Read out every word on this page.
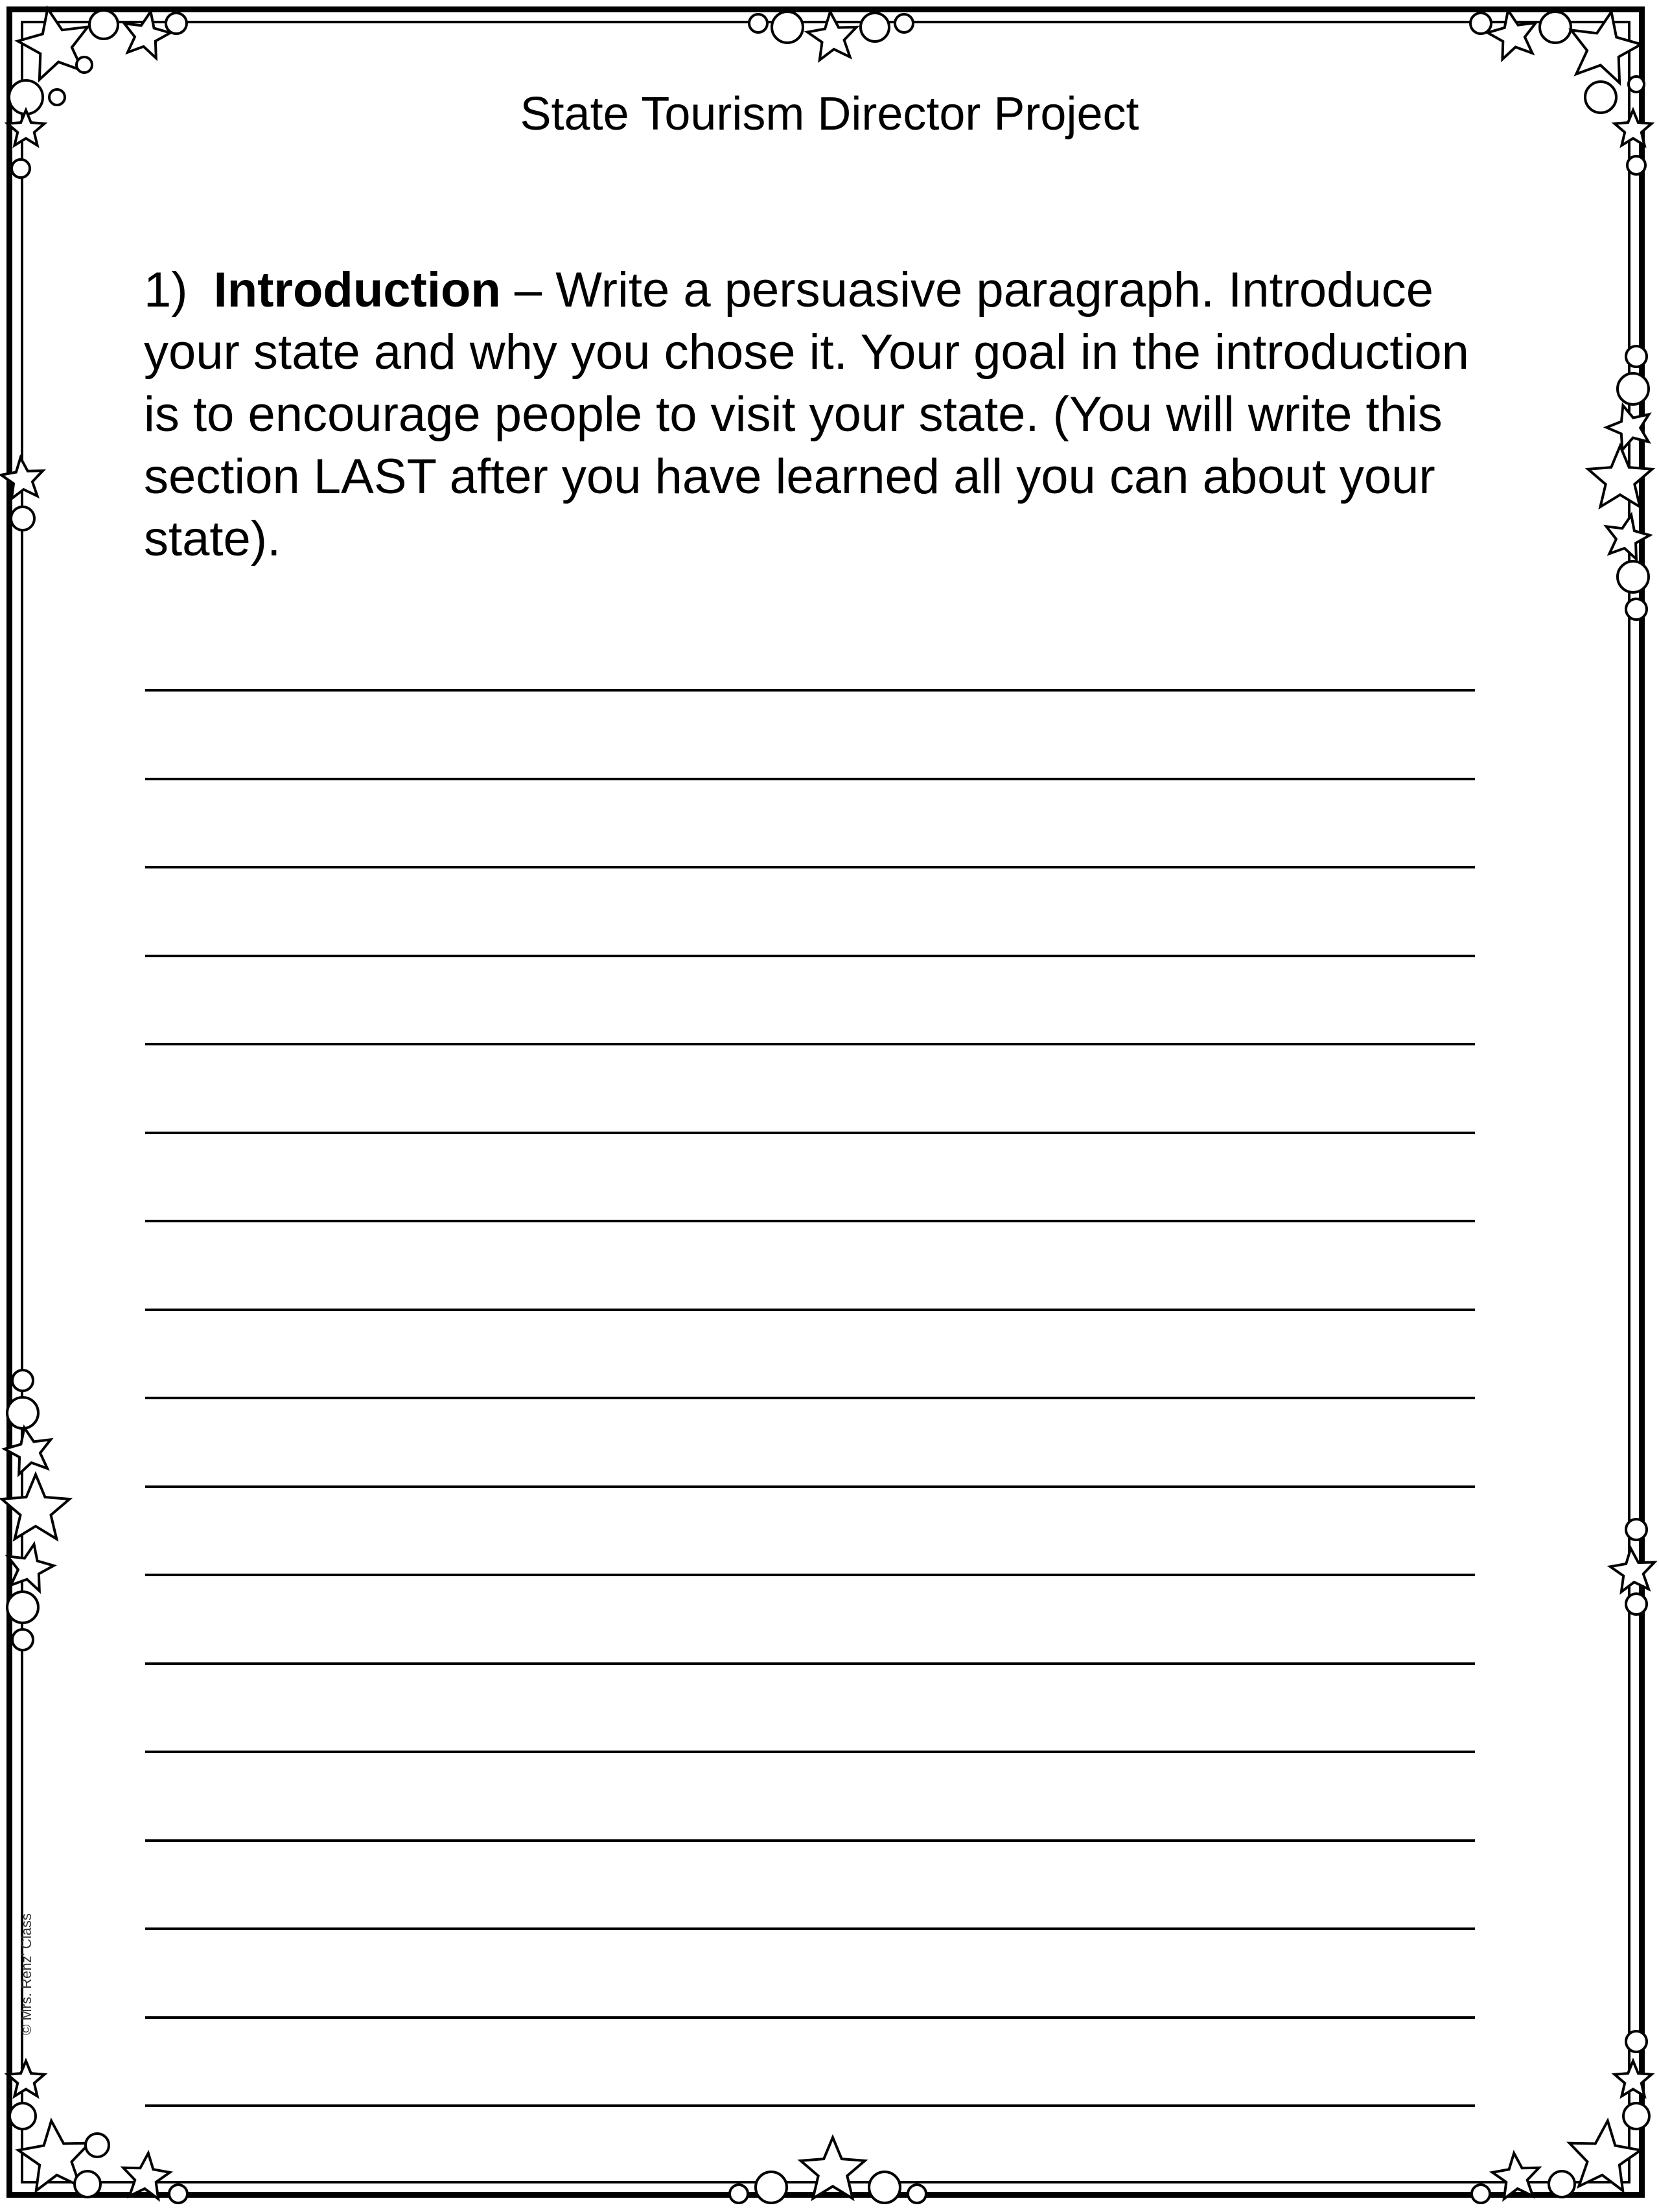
State Tourism Director Project
1) Introduction – Write a persuasive paragraph. Introduce your state and why you chose it. Your goal in the introduction is to encourage people to visit your state. (You will write this section LAST after you have learned all you can about your state).
© Mrs. Renz' Class
